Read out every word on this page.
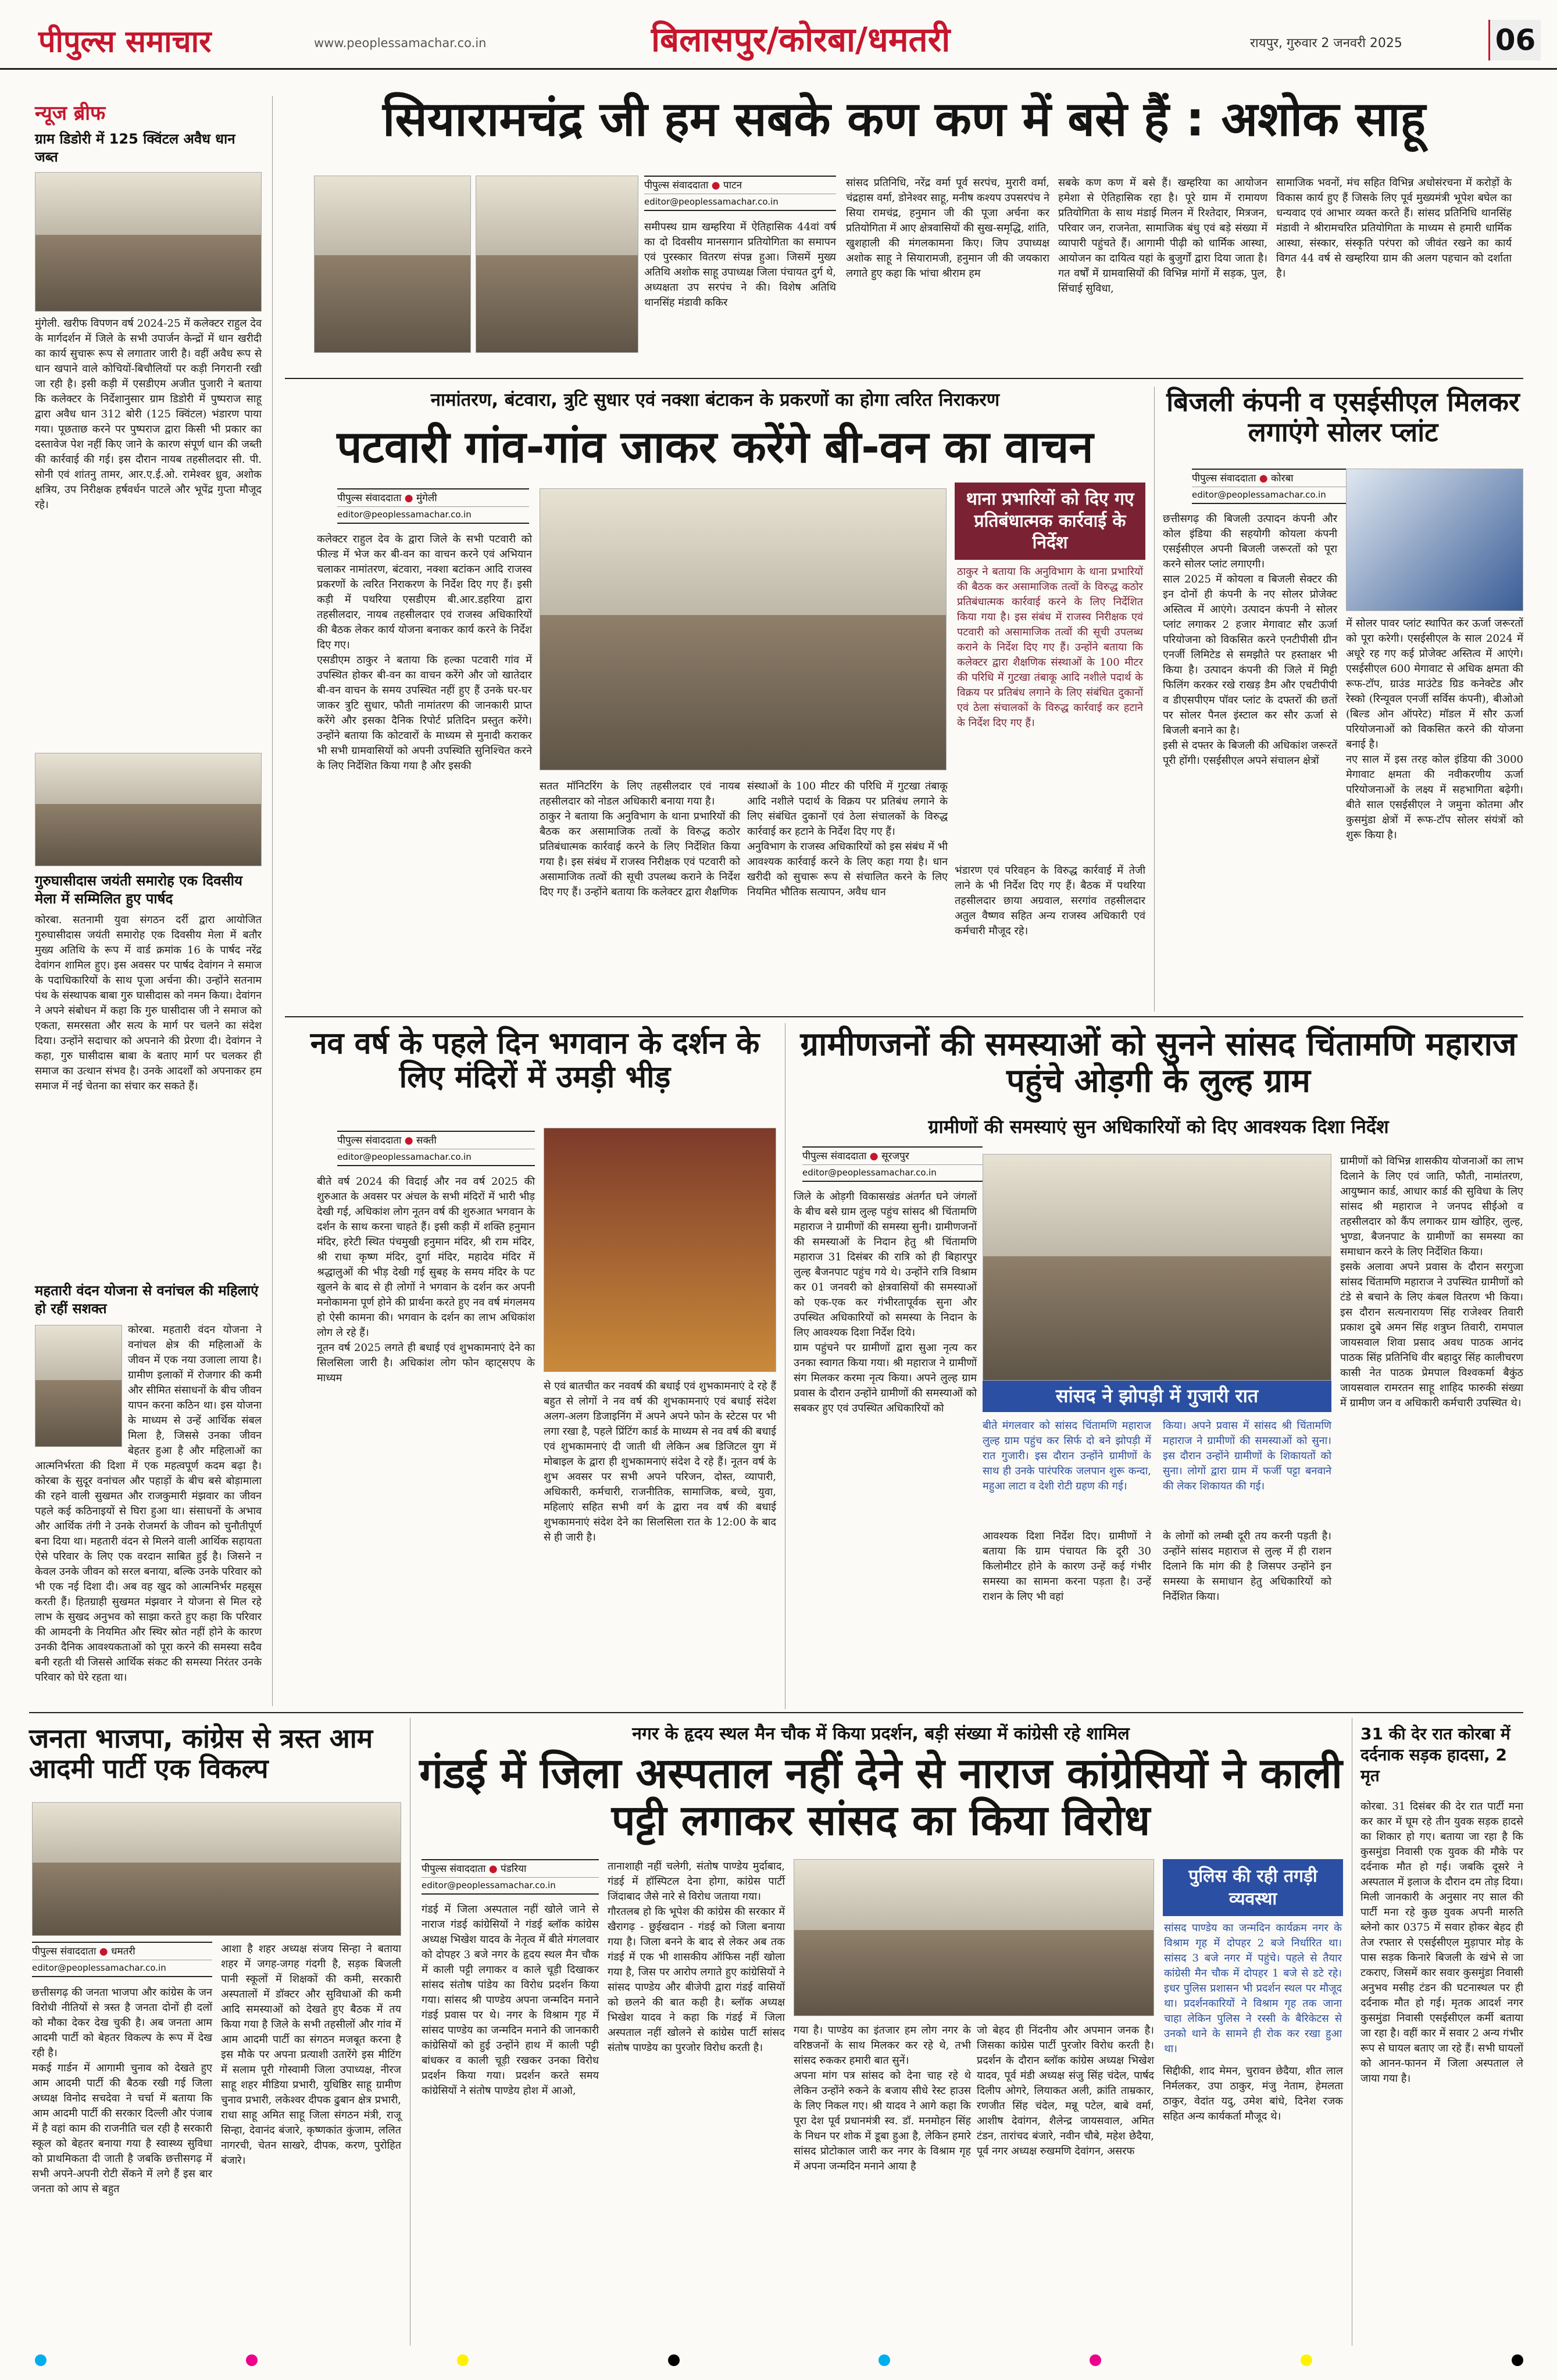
पीपुल्स समाचार	www.peoplessamachar.co.in	बिलासपुर/कोरबा/धमतरी	रायपुर, गुरुवार 2 जनवरी 2025	06
न्यूज ब्रीफ
ग्राम डिडोरी में 125 क्विंटल अवैध धान जब्त
मुंगेली. खरीफ विपणन वर्ष 2024-25 में कलेक्टर राहुल देव के मार्गदर्शन में जिले के सभी उपार्जन केन्द्रों में धान खरीदी का कार्य सुचारू रूप से लगातार जारी है। वहीं अवैध रूप से धान खपाने वाले कोचियों-बिचौलियों पर कड़ी निगरानी रखी जा रही है। इसी कड़ी में एसडीएम अजीत पुजारी ने बताया कि कलेक्टर के निर्देशानुसार ग्राम डिडोरी में पुष्पराज साहू द्वारा अवैध धान 312 बोरी (125 क्विंटल) भंडारण पाया गया। पूछताछ करने पर पुष्पराज द्वारा किसी भी प्रकार का दस्तावेज पेश नहीं किए जाने के कारण संपूर्ण धान की जब्ती की कार्रवाई की गई। इस दौरान नायब तहसीलदार सी. पी. सोनी एवं शांतनु तामर, आर.ए.ई.ओ. रामेश्वर ध्रुव, अशोक क्षत्रिय, उप निरीक्षक हर्षवर्धन पाटले और भूपेंद्र गुप्ता मौजूद रहे।
गुरुघासीदास जयंती समारोह एक दिवसीय मेला में सम्मिलित हुए पार्षद
कोरबा. सतनामी युवा संगठन दर्री द्वारा आयोजित गुरुघासीदास जयंती समारोह एक दिवसीय मेला में बतौर मुख्य अतिथि के रूप में वार्ड क्रमांक 16 के पार्षद नरेंद्र देवांगन शामिल हुए। इस अवसर पर पार्षद देवांगन ने समाज के पदाधिकारियों के साथ पूजा अर्चना की। उन्होंने सतनाम पंथ के संस्थापक बाबा गुरु घासीदास को नमन किया। देवांगन ने अपने संबोधन में कहा कि गुरु घासीदास जी ने समाज को एकता, समरसता और सत्य के मार्ग पर चलने का संदेश दिया। उन्होंने सदाचार को अपनाने की प्रेरणा दी। देवांगन ने कहा, गुरु घासीदास बाबा के बताए मार्ग पर चलकर ही समाज का उत्थान संभव है। उनके आदर्शों को अपनाकर हम समाज में नई चेतना का संचार कर सकते हैं।
महतारी वंदन योजना से वनांचल की महिलाएं हो रहीं सशक्त
कोरबा. महतारी वंदन योजना ने वनांचल क्षेत्र की महिलाओं के जीवन में एक नया उजाला लाया है। ग्रामीण इलाकों में रोजगार की कमी और सीमित संसाधनों के बीच जीवन यापन करना कठिन था। इस योजना के माध्यम से उन्हें आर्थिक संबल मिला है, जिससे उनका जीवन बेहतर हुआ है और महिलाओं का आत्मनिर्भरता की दिशा में एक महत्वपूर्ण कदम बढ़ा है। कोरबा के सुदूर वनांचल और पहाड़ों के बीच बसे बोड़ामाला की रहने वाली सुखमत और राजकुमारी मंझवार का जीवन पहले कई कठिनाइयों से घिरा हुआ था। संसाधनों के अभाव और आर्थिक तंगी ने उनके रोजमर्रा के जीवन को चुनौतीपूर्ण बना दिया था। महतारी वंदन से मिलने वाली आर्थिक सहायता ऐसे परिवार के लिए एक वरदान साबित हुई है। जिसने न केवल उनके जीवन को सरल बनाया, बल्कि उनके परिवार को भी एक नई दिशा दी। अब वह खुद को आत्मनिर्भर महसूस करती हैं। हितग्राही सुखमत मंझवार ने योजना से मिल रहे लाभ के सुखद अनुभव को साझा करते हुए कहा कि परिवार की आमदनी के नियमित और स्थिर स्रोत नहीं होने के कारण उनकी दैनिक आवश्यकताओं को पूरा करने की समस्या सदैव बनी रहती थी जिससे आर्थिक संकट की समस्या निरंतर उनके परिवार को घेरे रहता था।
सियारामचंद्र जी हम सबके कण कण में बसे हैं : अशोक साहू
पीपुल्स संवाददाता ● पाटन
editor@peoplessamachar.co.in
समीपस्थ ग्राम खम्हरिया में ऐतिहासिक 44वां वर्ष का दो दिवसीय मानसगान प्रतियोगिता का समापन एवं पुरस्कार वितरण संपन्न हुआ। जिसमें मुख्य अतिथि अशोक साहू उपाध्यक्ष जिला पंचायत दुर्ग थे, अध्यक्षता उप सरपंच ने की। विशेष अतिथि थानसिंह मंडावी ककिर
सांसद प्रतिनिधि, नरेंद्र वर्मा पूर्व सरपंच, मुरारी वर्मा, चंद्रहास वर्मा, डोनेश्वर साहू, मनीष कश्यप उपसरपंच ने सिया रामचंद्र, हनुमान जी की पूजा अर्चना कर प्रतियोगिता में आए क्षेत्रवासियों की सुख-समृद्धि, शांति, खुशहाली की मंगलकामना किए। जिप उपाध्यक्ष अशोक साहू ने सियारामजी, हनुमान जी की जयकारा लगाते हुए कहा कि भांचा श्रीराम हम
सबके कण कण में बसे हैं। खम्हरिया का आयोजन हमेशा से ऐतिहासिक रहा है। पूरे ग्राम में रामायण प्रतियोगिता के साथ मंडाई मिलन में रिश्तेदार, मित्रजन, परिवार जन, राजनेता, सामाजिक बंधु एवं बड़े संख्या में व्यापारी पहुंचते हैं। आगामी पीढ़ी को धार्मिक आस्था, आयोजन का दायित्व यहां के बुजुर्गों द्वारा दिया जाता है। गत वर्षों में ग्रामवासियों की विभिन्न मांगों में सड़क, पुल, सिंचाई सुविधा,
सामाजिक भवनों, मंच सहित विभिन्न अधोसंरचना में करोड़ों के विकास कार्य हुए हैं जिसके लिए पूर्व मुख्यमंत्री भूपेश बघेल का धन्यवाद एवं आभार व्यक्त करते हैं। सांसद प्रतिनिधि थानसिंह मंडावी ने श्रीरामचरित प्रतियोगिता के माध्यम से हमारी धार्मिक आस्था, संस्कार, संस्कृति परंपरा को जीवंत रखने का कार्य विगत 44 वर्ष से खम्हरिया ग्राम की अलग पहचान को दर्शाता है।
नामांतरण, बंटवारा, त्रुटि सुधार एवं नक्शा बंटाकन के प्रकरणों का होगा त्वरित निराकरण
पटवारी गांव-गांव जाकर करेंगे बी-वन का वाचन
पीपुल्स संवाददाता ● मुंगेली
editor@peoplessamachar.co.in
कलेक्टर राहुल देव के द्वारा जिले के सभी पटवारी को फील्ड में भेज कर बी-वन का वाचन करने एवं अभियान चलाकर नामांतरण, बंटवारा, नक्शा बटांकन आदि राजस्व प्रकरणों के त्वरित निराकरण के निर्देश दिए गए हैं। इसी कड़ी में पथरिया एसडीएम बी.आर.डहरिया द्वारा तहसीलदार, नायब तहसीलदार एवं राजस्व अधिकारियों की बैठक लेकर कार्य योजना बनाकर कार्य करने के निर्देश दिए गए।
एसडीएम ठाकुर ने बताया कि हल्का पटवारी गांव में उपस्थित होकर बी-वन का वाचन करेंगे और जो खातेदार बी-वन वाचन के समय उपस्थित नहीं हुए हैं उनके घर-घर जाकर त्रुटि सुधार, फौती नामांतरण की जानकारी प्राप्त करेंगे और इसका दैनिक रिपोर्ट प्रतिदिन प्रस्तुत करेंगे। उन्होंने बताया कि कोटवारों के माध्यम से मुनादी कराकर भी सभी ग्रामवासियों को अपनी उपस्थिति सुनिश्चित करने के लिए निर्देशित किया गया है और इसकी
सतत मॉनिटरिंग के लिए तहसीलदार एवं नायब तहसीलदार को नोडल अधिकारी बनाया गया है।
ठाकुर ने बताया कि अनुविभाग के थाना प्रभारियों की बैठक कर असामाजिक तत्वों के विरुद्ध कठोर प्रतिबंधात्मक कार्रवाई करने के लिए निर्देशित किया गया है। इस संबंध में राजस्व निरीक्षक एवं पटवारी को असामाजिक तत्वों की सूची उपलब्ध कराने के निर्देश दिए गए हैं। उन्होंने बताया कि कलेक्टर द्वारा शैक्षणिक
संस्थाओं के 100 मीटर की परिधि में गुटखा तंबाकू आदि नशीले पदार्थ के विक्रय पर प्रतिबंध लगाने के लिए संबंधित दुकानों एवं ठेला संचालकों के विरुद्ध कार्रवाई कर हटाने के निर्देश दिए गए हैं।
अनुविभाग के राजस्व अधिकारियों को इस संबंध में भी आवश्यक कार्रवाई करने के लिए कहा गया है। धान खरीदी को सुचारू रूप से संचालित करने के लिए नियमित भौतिक सत्यापन, अवैध धान
थाना प्रभारियों को दिए गए प्रतिबंधात्मक कार्रवाई के निर्देश
ठाकुर ने बताया कि अनुविभाग के थाना प्रभारियों की बैठक कर असामाजिक तत्वों के विरुद्ध कठोर प्रतिबंधात्मक कार्रवाई करने के लिए निर्देशित किया गया है। इस संबंध में राजस्व निरीक्षक एवं पटवारी को असामाजिक तत्वों की सूची उपलब्ध कराने के निर्देश दिए गए हैं। उन्होंने बताया कि कलेक्टर द्वारा शैक्षणिक संस्थाओं के 100 मीटर की परिधि में गुटखा तंबाकू आदि नशीले पदार्थ के विक्रय पर प्रतिबंध लगाने के लिए संबंधित दुकानों एवं ठेला संचालकों के विरुद्ध कार्रवाई कर हटाने के निर्देश दिए गए हैं।
भंडारण एवं परिवहन के विरुद्ध कार्रवाई में तेजी लाने के भी निर्देश दिए गए हैं। बैठक में पथरिया तहसीलदार छाया अग्रवाल, सरगांव तहसीलदार अतुल वैष्णव सहित अन्य राजस्व अधिकारी एवं कर्मचारी मौजूद रहे।
बिजली कंपनी व एसईसीएल मिलकर लगाएंगे सोलर प्लांट
पीपुल्स संवाददाता ● कोरबा
editor@peoplessamachar.co.in
छत्तीसगढ़ की बिजली उत्पादन कंपनी और कोल इंडिया की सहयोगी कोयला कंपनी एसईसीएल अपनी बिजली जरूरतों को पूरा करने सोलर प्लांट लगाएगी।
साल 2025 में कोयला व बिजली सेक्टर की इन दोनों ही कंपनी के नए सोलर प्रोजेक्ट अस्तित्व में आएंगे। उत्पादन कंपनी ने सोलर प्लांट लगाकर 2 हजार मेगावाट सौर ऊर्जा परियोजना को विकसित करने एनटीपीसी ग्रीन एनर्जी लिमिटेड से समझौते पर हस्ताक्षर भी किया है। उत्पादन कंपनी की जिले में मिट्टी फिलिंग करकर रखे राखड़ डैम और एचटीपीपी व डीएसपीएम पॉवर प्लांट के दफ्तरों की छतों पर सोलर पैनल इंस्टाल कर सौर ऊर्जा से बिजली बनाने का है।
इसी से दफ्तर के बिजली की अधिकांश जरूरतें पूरी होंगी। एसईसीएल अपने संचालन क्षेत्रों
में सोलर पावर प्लांट स्थापित कर ऊर्जा जरूरतों को पूरा करेगी। एसईसीएल के साल 2024 में अधूरे रह गए कई प्रोजेक्ट अस्तित्व में आएंगे। एसईसीएल 600 मेगावाट से अधिक क्षमता की रूफ-टॉप, ग्राउंड माउंटेड ग्रिड कनेक्टेड और रेस्को (रिन्यूवल एनर्जी सर्विस कंपनी), बीओओ (बिल्ड ओन ऑपरेट) मॉडल में सौर ऊर्जा परियोजनाओं को विकसित करने की योजना बनाई है।
नए साल में इस तरह कोल इंडिया की 3000 मेगावाट क्षमता की नवीकरणीय ऊर्जा परियोजनाओं के लक्ष्य में सहभागिता बढ़ेगी। बीते साल एसईसीएल ने जमुना कोतमा और कुसमुंडा क्षेत्रों में रूफ-टॉप सोलर संयंत्रों को शुरू किया है।
नव वर्ष के पहले दिन भगवान के दर्शन के लिए मंदिरों में उमड़ी भीड़
पीपुल्स संवाददाता ● सक्ती
editor@peoplessamachar.co.in
बीते वर्ष 2024 की विदाई और नव वर्ष 2025 की शुरुआत के अवसर पर अंचल के सभी मंदिरों में भारी भीड़ देखी गई, अधिकांश लोग नूतन वर्ष की शुरुआत भगवान के दर्शन के साथ करना चाहते हैं। इसी कड़ी में शक्ति हनुमान मंदिर, हरेटी स्थित पंचमुखी हनुमान मंदिर, श्री राम मंदिर, श्री राधा कृष्ण मंदिर, दुर्गा मंदिर, महादेव मंदिर में श्रद्धालुओं की भीड़ देखी गई सुबह के समय मंदिर के पट खुलने के बाद से ही लोगों ने भगवान के दर्शन कर अपनी मनोकामना पूर्ण होने की प्रार्थना करते हुए नव वर्ष मंगलमय हो ऐसी कामना की। भगवान के दर्शन का लाभ अधिकांश लोग ले रहे हैं।
नूतन वर्ष 2025 लगते ही बधाई एवं शुभकामनाएं देने का सिलसिला जारी है। अधिकांश लोग फोन व्हाट्सएप के माध्यम
से एवं बातचीत कर नववर्ष की बधाई एवं शुभकामनाएं दे रहे हैं बहुत से लोगों ने नव वर्ष की शुभकामनाएं एवं बधाई संदेश अलग-अलग डिजाइनिंग में अपने अपने फोन के स्टेटस पर भी लगा रखा है, पहले प्रिंटिंग कार्ड के माध्यम से नव वर्ष की बधाई एवं शुभकामनाएं दी जाती थी लेकिन अब डिजिटल युग में मोबाइल के द्वारा ही शुभकामनाएं संदेश दे रहे हैं। नूतन वर्ष के शुभ अवसर पर सभी अपने परिजन, दोस्त, व्यापारी, अधिकारी, कर्मचारी, राजनीतिक, सामाजिक, बच्चे, युवा, महिलाएं सहित सभी वर्ग के द्वारा नव वर्ष की बधाई शुभकामनाएं संदेश देने का सिलसिला रात के 12:00 के बाद से ही जारी है।
ग्रामीणजनों की समस्याओं को सुनने सांसद चिंतामणि महाराज पहुंचे ओड़गी के लुल्ह ग्राम
ग्रामीणों की समस्याएं सुन अधिकारियों को दिए आवश्यक दिशा निर्देश
पीपुल्स संवाददाता ● सूरजपुर
editor@peoplessamachar.co.in
जिले के ओड़गी विकासखंड अंतर्गत घने जंगलों के बीच बसे ग्राम लुल्ह पहुंच सांसद श्री चिंतामणि महाराज ने ग्रामीणों की समस्या सुनी। ग्रामीणजनों की समस्याओं के निदान हेतु श्री चिंतामणि महाराज 31 दिसंबर की रात्रि को ही बिहारपुर लुल्ह बैजनपाट पहुंच गये थे। उन्होंने रात्रि विश्राम कर 01 जनवरी को क्षेत्रवासियों की समस्याओं को एक-एक कर गंभीरतापूर्वक सुना और उपस्थित अधिकारियों को समस्या के निदान के लिए आवश्यक दिशा निर्देश दिये।
ग्राम पहुंचने पर ग्रामीणों द्वारा सुआ नृत्य कर उनका स्वागत किया गया। श्री महाराज ने ग्रामीणों संग मिलकर करमा नृत्य किया। अपने लुल्ह ग्राम प्रवास के दौरान उन्होंने ग्रामीणों की समस्याओं को सबकर हुए एवं उपस्थित अधिकारियों को
सांसद ने झोपड़ी में गुजारी रात
बीते मंगलवार को सांसद चिंतामणि महाराज लुल्ह ग्राम पहुंच कर सिर्फ दो बने झोपड़ी में रात गुजारी। इस दौरान उन्होंने ग्रामीणों के साथ ही उनके पारंपरिक जलपान शुरू कन्दा, महुआ लाटा व देशी रोटी ग्रहण की गई।
किया। अपने प्रवास में सांसद श्री चिंतामणि महाराज ने ग्रामीणों की समस्याओं को सुना। इस दौरान उन्होंने ग्रामीणों के शिकायतों को सुना। लोगों द्वारा ग्राम में फर्जी पट्टा बनवाने की लेकर शिकायत की गई।
आवश्यक दिशा निर्देश दिए। ग्रामीणों ने बताया कि ग्राम पंचायत कि दूरी 30 किलोमीटर होने के कारण उन्हें कई गंभीर समस्या का सामना करना पड़ता है। उन्हें राशन के लिए भी वहां
के लोगों को लम्बी दूरी तय करनी पड़ती है। उन्होंने सांसद महाराज से लुल्ह में ही राशन दिलाने कि मांग की है जिसपर उन्होंने इन समस्या के समाधान हेतु अधिकारियों को निर्देशित किया।
ग्रामीणों को विभिन्न शासकीय योजनाओं का लाभ दिलाने के लिए एवं जाति, फौती, नामांतरण, आयुष्मान कार्ड, आधार कार्ड की सुविधा के लिए सांसद श्री महाराज ने जनपद सीईओ व तहसीलदार को कैंप लगाकर ग्राम खोहिर, लुल्ह, भुण्डा, बैजनपाट के ग्रामीणों का समस्या का समाधान करने के लिए निर्देशित किया।
इसके अलावा अपने प्रवास के दौरान सरगुजा सांसद चिंतामणि महाराज ने उपस्थित ग्रामीणों को टंडे से बचाने के लिए कंबल वितरण भी किया। इस दौरान सत्यनारायण सिंह राजेश्वर तिवारी प्रकाश दुबे अमन सिंह शत्रुघ्न तिवारी, रामपाल जायसवाल शिवा प्रसाद अवध पाठक आनंद पाठक सिंह प्रतिनिधि वीर बहादुर सिंह कालीचरण कासी नेत पाठक प्रेमपाल विश्वकर्मा बैकुंठ जायसवाल रामरतन साहू शाहिद फारुकी संख्या में ग्रामीण जन व अधिकारी कर्मचारी उपस्थित थे।
जनता भाजपा, कांग्रेस से त्रस्त आम आदमी पार्टी एक विकल्प
पीपुल्स संवाददाता ● धमतरी
editor@peoplessamachar.co.in
छत्तीसगढ़ की जनता भाजपा और कांग्रेस के जन विरोधी नीतियों से त्रस्त है जनता दोनों ही दलों को मौका देकर देख चुकी है। अब जनता आम आदमी पार्टी को बेहतर विकल्प के रूप में देख रही है।
मकई गार्डन में आगामी चुनाव को देखते हुए आम आदमी पार्टी की बैठक रखी गई जिला अध्यक्ष विनोद सचदेवा ने चर्चा में बताया कि आम आदमी पार्टी की सरकार दिल्ली और पंजाब में है वहां काम की राजनीति चल रही है सरकारी स्कूल को बेहतर बनाया गया है स्वास्थ्य सुविधा को प्राथमिकता दी जाती है जबकि छत्तीसगढ़ में सभी अपने-अपनी रोटी सेंकने में लगे हैं इस बार जनता को आप से बहुत
आशा है शहर अध्यक्ष संजय सिन्हा ने बताया शहर में जगह-जगह गंदगी है, सड़क बिजली पानी स्कूलों में शिक्षकों की कमी, सरकारी अस्पतालों में डॉक्टर और सुविधाओं की कमी आदि समस्याओं को देखते हुए बैठक में तय किया गया है जिले के सभी तहसीलों और गांव में आम आदमी पार्टी का संगठन मजबूत करना है इस मौके पर अपना प्रत्याशी उतारेंगे इस मीटिंग में सलाम पूरी गोस्वामी जिला उपाध्यक्ष, नीरज साहू शहर मीडिया प्रभारी, युधिष्ठिर साहू ग्रामीण चुनाव प्रभारी, लकेश्वर दीपक ढुबान क्षेत्र प्रभारी, राधा साहू अमित साहू जिला संगठन मंत्री, राजू सिन्हा, देवानंद बंजारे, कृष्णकांत कुंजाम, ललित नागरची, चेतन साखरे, दीपक, करण, पुरोहित बंजारे।
नगर के हृदय स्थल मैन चौक में किया प्रदर्शन, बड़ी संख्या में कांग्रेसी रहे शामिल
गंडई में जिला अस्पताल नहीं देने से नाराज कांग्रेसियों ने काली पट्टी लगाकर सांसद का किया विरोध
पीपुल्स संवाददाता ● पंडरिया
editor@peoplessamachar.co.in
गंडई में जिला अस्पताल नहीं खोले जाने से नाराज गंडई कांग्रेसियों ने गंडई ब्लॉक कांग्रेस अध्यक्ष भिखेश यादव के नेतृत्व में बीते मंगलवार को दोपहर 3 बजे नगर के हृदय स्थल मैन चौक में काली पट्टी लगाकर व काले चूड़ी दिखाकर सांसद संतोष पांडेय का विरोध प्रदर्शन किया गया। सांसद श्री पाण्डेय अपना जन्मदिन मनाने गंडई प्रवास पर थे। नगर के विश्राम गृह में सांसद पाण्डेय का जन्मदिन मनाने की जानकारी कांग्रेसियों को हुई उन्होंने हाथ में काली पट्टी बांधकर व काली चूड़ी रखकर उनका विरोध प्रदर्शन किया गया। प्रदर्शन करते समय कांग्रेसियों ने संतोष पाण्डेय होश में आओ,
तानाशाही नहीं चलेगी, संतोष पाण्डेय मुर्दाबाद, गंडई में हॉस्पिटल देना होगा, कांग्रेस पार्टी जिंदाबाद जैसे नारे से विरोध जताया गया।
गौरतलब हो कि भूपेश की कांग्रेस की सरकार में खैरागढ़ - छुईखदान - गंडई को जिला बनाया गया है। जिला बनने के बाद से लेकर अब तक गंडई में एक भी शासकीय ऑफिस नहीं खोला गया है, जिस पर आरोप लगाते हुए कांग्रेसियों ने सांसद पाण्डेय और बीजेपी द्वारा गंडई वासियों को छलने की बात कही है। ब्लॉक अध्यक्ष भिखेश यादव ने कहा कि गंडई में जिला अस्पताल नहीं खोलने से कांग्रेस पार्टी सांसद संतोष पाण्डेय का पुरजोर विरोध करती है।
गया है। पाण्डेय का इंतजार हम लोग नगर के वरिष्ठजनों के साथ मिलकर कर रहे थे, तभी सांसद रुककर हमारी बात सुनें।
अपना मांग पत्र सांसद को देना चाह रहे थे लेकिन उन्होंने रुकने के बजाय सीधे रेस्ट हाउस के लिए निकल गए। श्री यादव ने आगे कहा कि पूरा देश पूर्व प्रधानमंत्री स्व. डॉ. मनमोहन सिंह के निधन पर शोक में डूबा हुआ है, लेकिन हमारे सांसद प्रोटोकाल जारी कर नगर के विश्राम गृह में अपना जन्मदिन मनाने आया है
जो बेहद ही निंदनीय और अपमान जनक है। जिसका कांग्रेस पार्टी पुरजोर विरोध करती है। प्रदर्शन के दौरान ब्लॉक कांग्रेस अध्यक्ष भिखेश यादव, पूर्व मंडी अध्यक्ष संजु सिंह चंदेल, पार्षद दिलीप ओगरे, लियाकत अली, क्रांति ताम्रकार, रणजीत सिंह चंदेल, मन्नू पटेल, बाबे वर्मा, आशीष देवांगन, शैलेन्द्र जायसवाल, अमित टंडन, तारांचद बंजारे, नवीन चौबे, महेश छेदैया, पूर्व नगर अध्यक्ष रुखमणि देवांगन, असरफ
पुलिस की रही तगड़ी व्यवस्था
सांसद पाण्डेय का जन्मदिन कार्यक्रम नगर के विश्राम गृह में दोपहर 2 बजे निर्धारित था। सांसद 3 बजे नगर में पहुंचे। पहले से तैयार कांग्रेसी मैन चौक में दोपहर 1 बजे से डटे रहे। इधर पुलिस प्रशासन भी प्रदर्शन स्थल पर मौजूद था। प्रदर्शनकारियों ने विश्राम गृह तक जाना चाहा लेकिन पुलिस ने रस्सी के बैरिकेटस से उनको थाने के सामने ही रोक कर रखा हुआ था।
सिद्दीकी, शाद मेमन, चुरावन छेदैया, शीत लाल निर्मलकर, उपा ठाकुर, मंजु नेताम, हेमलता ठाकुर, वेदांत यदु, उमेश बांधे, दिनेश रजक सहित अन्य कार्यकर्ता मौजूद थे।
31 की देर रात कोरबा में दर्दनाक सड़क हादसा, 2 मृत
कोरबा. 31 दिसंबर की देर रात पार्टी मना कर कार में घूम रहे तीन युवक सड़क हादसे का शिकार हो गए। बताया जा रहा है कि कुसमुंडा निवासी एक युवक की मौके पर दर्दनाक मौत हो गई। जबकि दूसरे ने अस्पताल में इलाज के दौरान दम तोड़ दिया। मिली जानकारी के अनुसार नए साल की पार्टी मना रहे कुछ युवक अपनी मारुति ब्लेनो कार 0375 में सवार होकर बेहद ही तेज रफ्तार से एसईसीएल मुड़ापार मोड़ के पास सड़क किनारे बिजली के खंभे से जा टकराए, जिसमें कार सवार कुसमुंडा निवासी अनुभव मसीह टंडन की घटनास्थल पर ही दर्दनाक मौत हो गई। मृतक आदर्श नगर कुसमुंडा निवासी एसईसीएल कर्मी बताया जा रहा है। वहीं कार में सवार 2 अन्य गंभीर रूप से घायल बताए जा रहे हैं। सभी घायलों को आनन-फानन में जिला अस्पताल ले जाया गया है।
